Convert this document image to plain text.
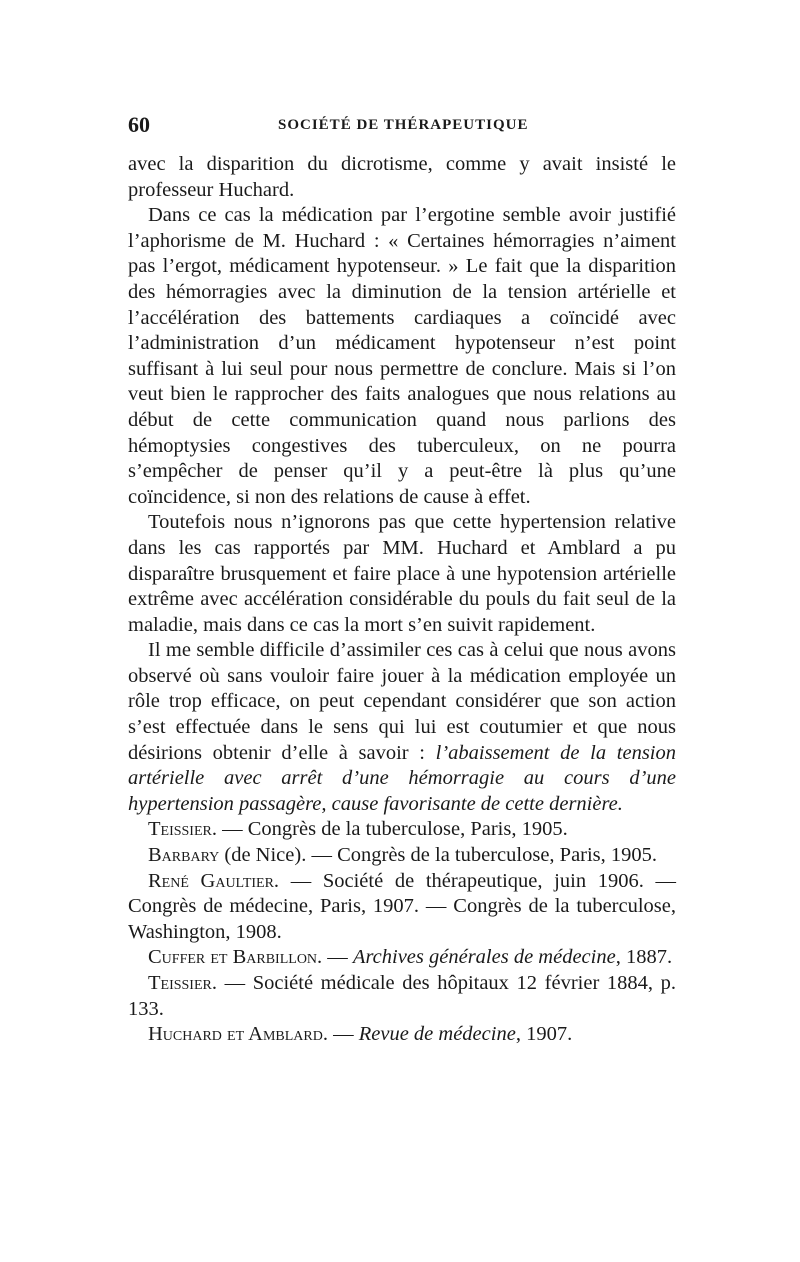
60	SOCIÉTÉ DE THÉRAPEUTIQUE

avec la disparition du dicrotisme, comme y avait insisté le professeur Huchard.

Dans ce cas la médication par l’ergotine semble avoir justifié l’aphorisme de M. Huchard : « Certaines hémorragies n’aiment pas l’ergot, médicament hypotenseur. » Le fait que la disparition des hémorragies avec la diminution de la tension artérielle et l’accélération des battements cardiaques a coïncidé avec l’administration d’un médicament hypotenseur n’est point suffisant à lui seul pour nous permettre de conclure. Mais si l’on veut bien le rapprocher des faits analogues que nous relations au début de cette communication quand nous parlions des hémoptysies congestives des tuberculeux, on ne pourra s’empêcher de penser qu’il y a peut-être là plus qu’une coïncidence, si non des relations de cause à effet.

Toutefois nous n’ignorons pas que cette hypertension relative dans les cas rapportés par MM. Huchard et Amblard a pu disparaître brusquement et faire place à une hypotension artérielle extrême avec accélération considérable du pouls du fait seul de la maladie, mais dans ce cas la mort s’en suivit rapidement.

Il me semble difficile d’assimiler ces cas à celui que nous avons observé où sans vouloir faire jouer à la médication employée un rôle trop efficace, on peut cependant considérer que son action s’est effectuée dans le sens qui lui est coutumier et que nous désirions obtenir d’elle à savoir : l’abaissement de la tension artérielle avec arrêt d’une hémorragie au cours d’une hypertension passagère, cause favorisante de cette dernière.

Teissier. — Congrès de la tuberculose, Paris, 1905.

Barbary (de Nice). — Congrès de la tuberculose, Paris, 1905.

René Gaultier. — Société de thérapeutique, juin 1906. — Congrès de médecine, Paris, 1907. — Congrès de la tuberculose, Washington, 1908.

Cuffer et Barbillon. — Archives générales de médecine, 1887.

Teissier. — Société médicale des hôpitaux 12 février 1884, p. 133.

Huchard et Amblard. — Revue de médecine, 1907.
